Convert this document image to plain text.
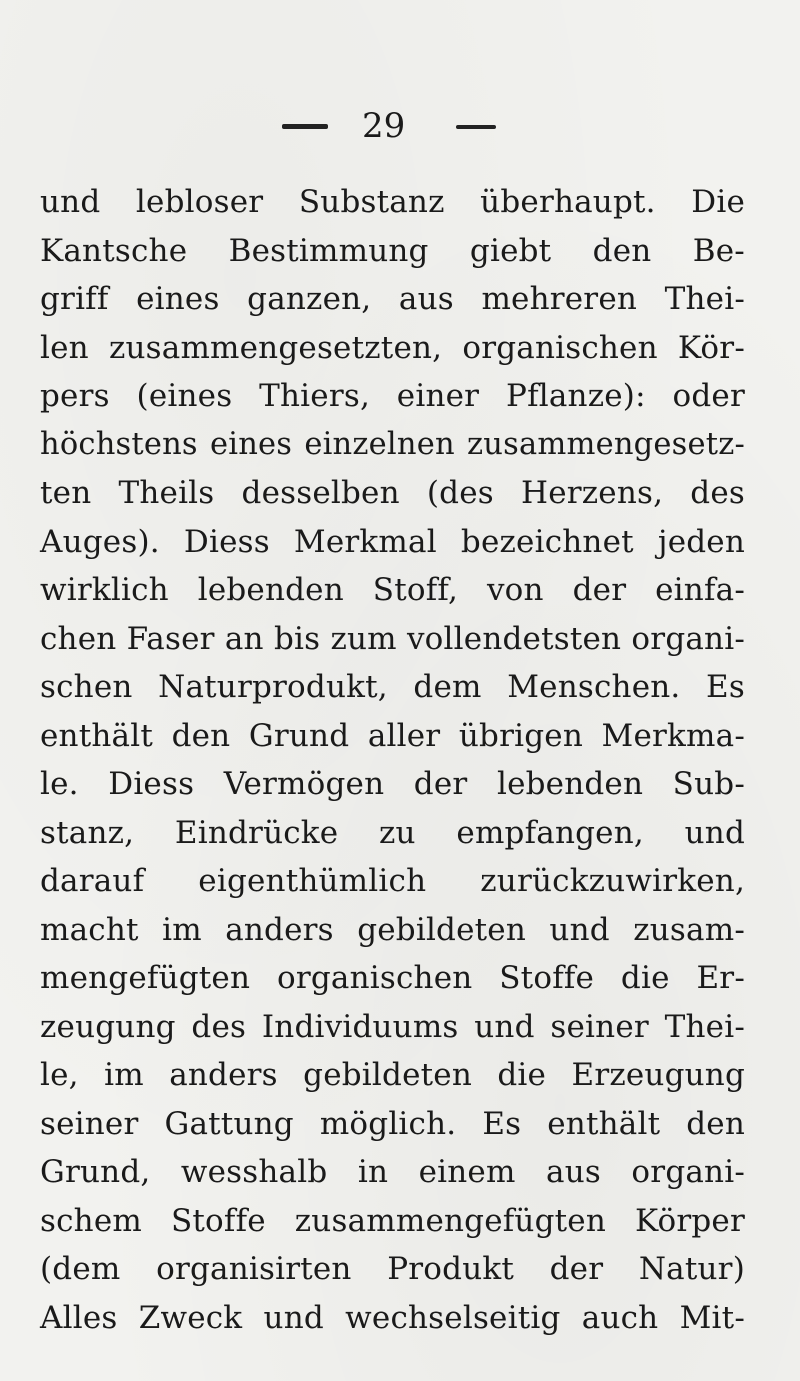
29
und lebloser Substanz überhaupt. Die
Kantsche Bestimmung giebt den Be-
griff eines ganzen, aus mehreren Thei-
len zusammengesetzten, organischen Kör-
pers (eines Thiers, einer Pflanze): oder
höchstens eines einzelnen zusammengesetz-
ten Theils desselben (des Herzens, des
Auges). Diess Merkmal bezeichnet jeden
wirklich lebenden Stoff, von der einfa-
chen Faser an bis zum vollendetsten organi-
schen Naturprodukt, dem Menschen. Es
enthält den Grund aller übrigen Merkma-
le. Diess Vermögen der lebenden Sub-
stanz, Eindrücke zu empfangen, und
darauf eigenthümlich zurückzuwirken,
macht im anders gebildeten und zusam-
mengefügten organischen Stoffe die Er-
zeugung des Individuums und seiner Thei-
le, im anders gebildeten die Erzeugung
seiner Gattung möglich. Es enthält den
Grund, wesshalb in einem aus organi-
schem Stoffe zusammengefügten Körper
(dem organisirten Produkt der Natur)
Alles Zweck und wechselseitig auch Mit-
